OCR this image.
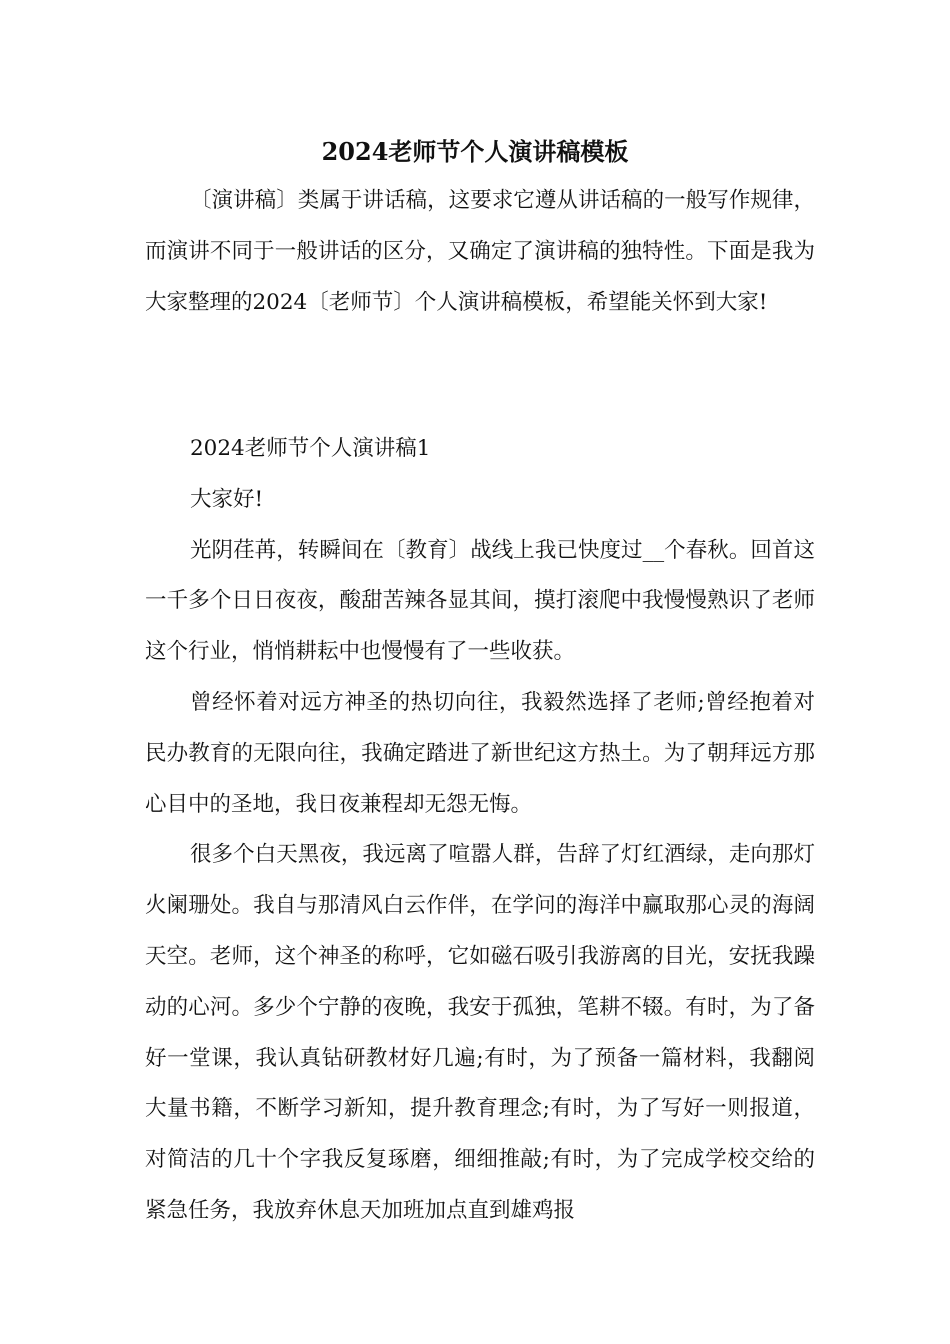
2024老师节个人演讲稿模板

〔演讲稿〕类属于讲话稿，这要求它遵从讲话稿的一般写作规律，而演讲不同于一般讲话的区分，又确定了演讲稿的独特性。下面是我为大家整理的2024〔老师节〕个人演讲稿模板，希望能关怀到大家!

2024老师节个人演讲稿1

大家好!

光阴荏苒，转瞬间在〔教育〕战线上我已快度过__个春秋。回首这一千多个日日夜夜，酸甜苦辣各显其间，摸打滚爬中我慢慢熟识了老师这个行业，悄悄耕耘中也慢慢有了一些收获。

曾经怀着对远方神圣的热切向往，我毅然选择了老师;曾经抱着对民办教育的无限向往，我确定踏进了新世纪这方热土。为了朝拜远方那心目中的圣地，我日夜兼程却无怨无悔。

很多个白天黑夜，我远离了喧嚣人群，告辞了灯红酒绿，走向那灯火阑珊处。我自与那清风白云作伴，在学问的海洋中赢取那心灵的海阔天空。老师，这个神圣的称呼，它如磁石吸引我游离的目光，安抚我躁动的心河。多少个宁静的夜晚，我安于孤独，笔耕不辍。有时，为了备好一堂课，我认真钻研教材好几遍;有时，为了预备一篇材料，我翻阅大量书籍，不断学习新知，提升教育理念;有时，为了写好一则报道，对简洁的几十个字我反复琢磨，细细推敲;有时，为了完成学校交给的紧急任务，我放弃休息天加班加点直到雄鸡报
